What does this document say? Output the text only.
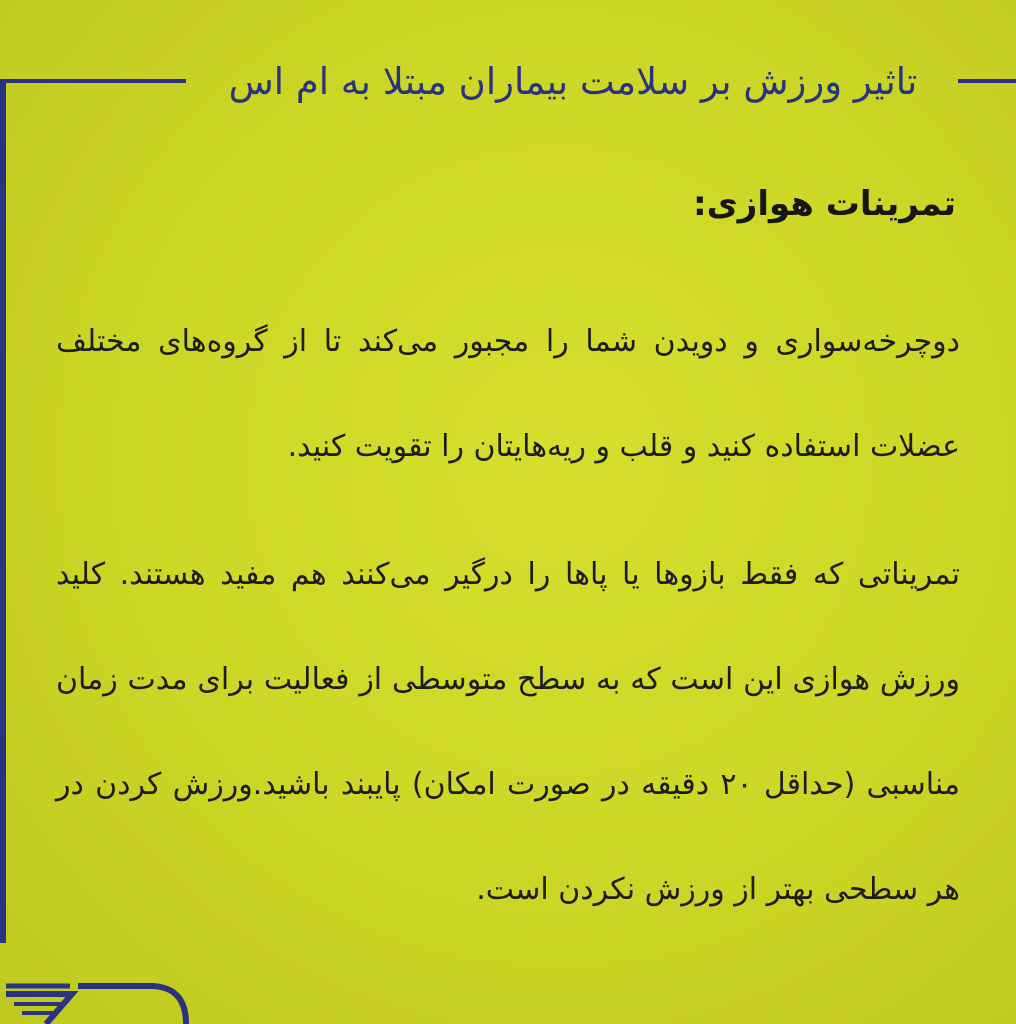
تاثیر ورزش بر سلامت بیماران مبتلا به ام اس
تمرینات هوازی:
دوچرخه‌سواری و دویدن شما را مجبور می‌کند تا از گروه‌های مختلف عضلات استفاده کنید و قلب و ریه‌هایتان را تقویت کنید.
تمریناتی که فقط بازوها یا پاها را درگیر می‌کنند هم مفید هستند. کلید ورزش هوازی این است که به سطح متوسطی از فعالیت برای مدت زمان مناسبی (حداقل ۲۰ دقیقه در صورت امکان) پایبند باشید.ورزش کردن در هر سطحی بهتر از ورزش نکردن است.
